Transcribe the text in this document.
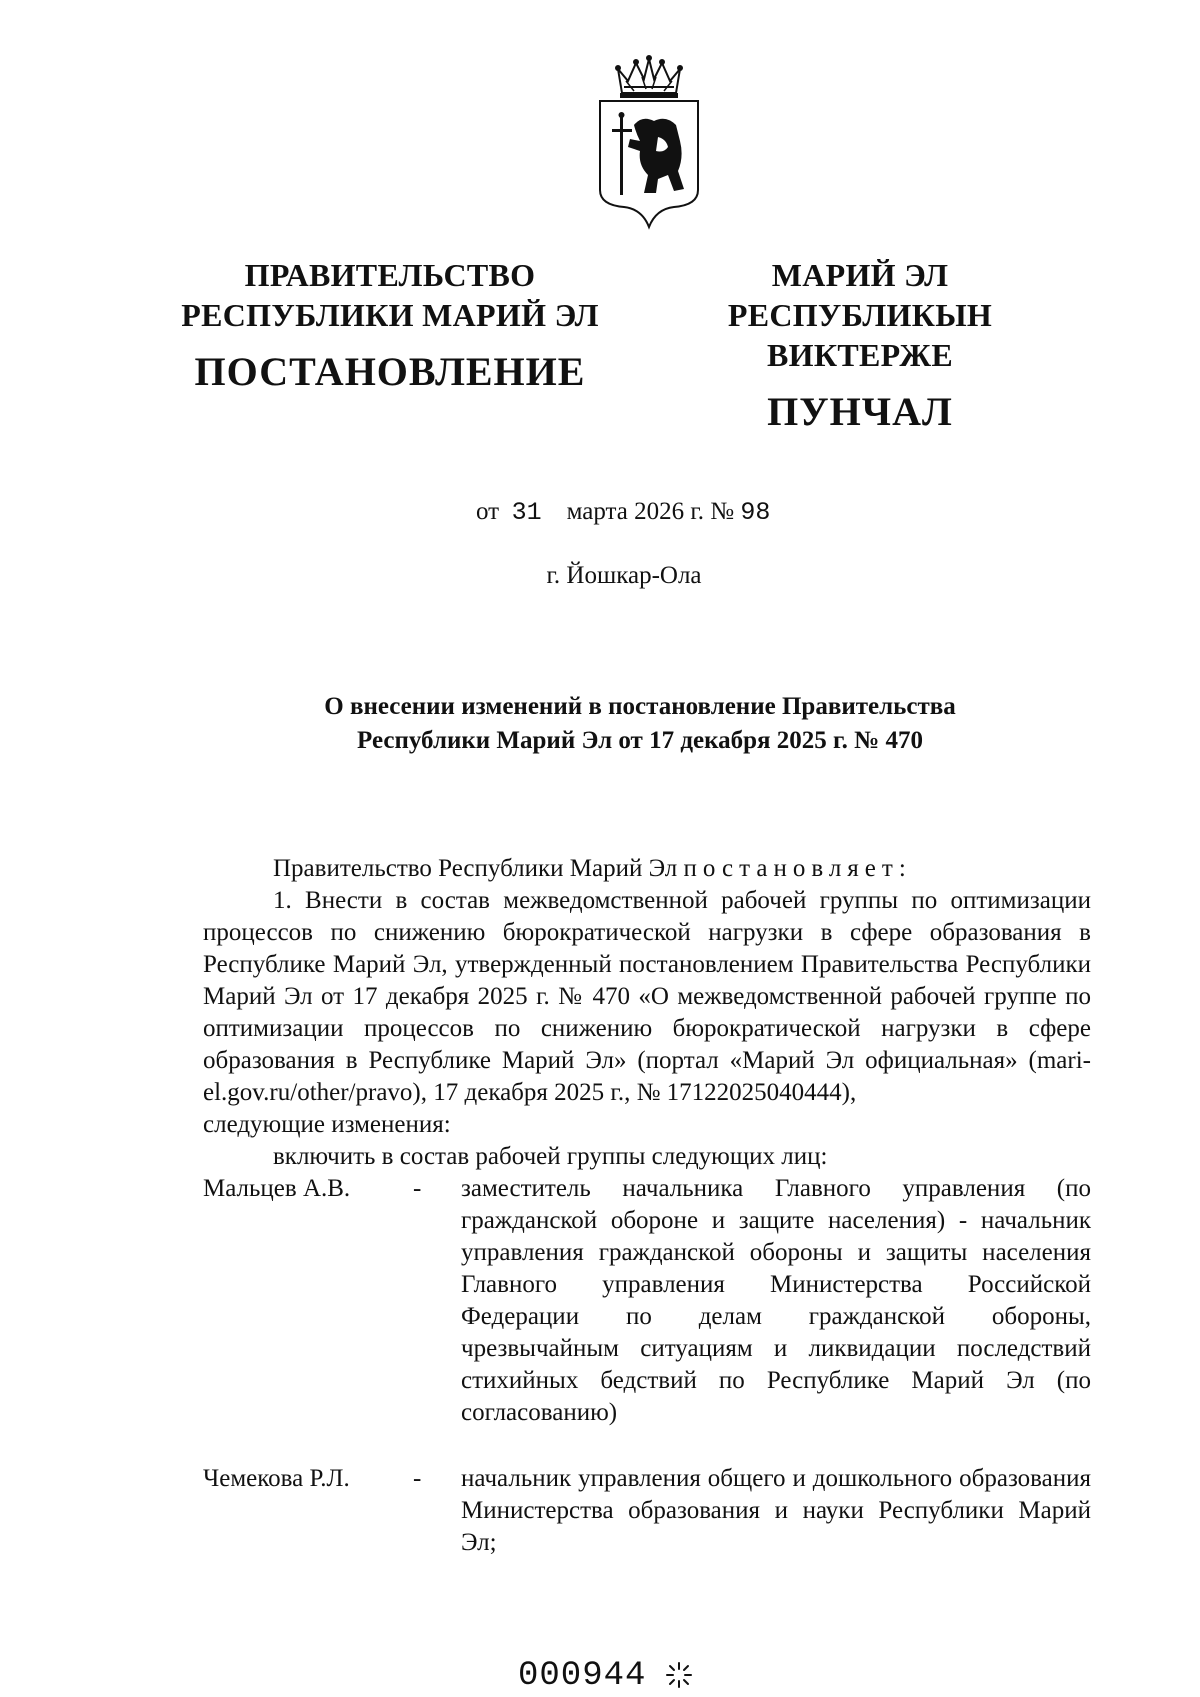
ПРАВИТЕЛЬСТВО
РЕСПУБЛИКИ МАРИЙ ЭЛ
ПОСТАНОВЛЕНИЕ
МАРИЙ ЭЛ РЕСПУБЛИКЫН
ВИКТЕРЖЕ
ПУНЧАЛ
от 31 марта 2026 г. № 98
г. Йошкар-Ола
О внесении изменений в постановление Правительства
Республики Марий Эл от 17 декабря 2025 г. № 470

Правительство Республики Марий Эл постановляет:

1. Внести в состав межведомственной рабочей группы по оптимизации процессов по снижению бюрократической нагрузки в сфере образования в Республике Марий Эл, утвержденный постановлением Правительства Республики Марий Эл от 17 декабря 2025 г. № 470 «О межведомственной рабочей группе по оптимизации процессов по снижению бюрократической нагрузки в сфере образования в Республике Марий Эл» (портал «Марий Эл официальная» (mari-el.gov.ru/other/pravo), 17 декабря 2025 г., № 17122025040444),

следующие изменения:

включить в состав рабочей группы следующих лиц:

Мальцев А.В.	-	заместитель начальника Главного управления (по гражданской обороне и защите населения) - начальник управления гражданской обороны и защиты населения Главного управления Министерства Российской Федерации по делам гражданской обороны, чрезвычайным ситуациям и ликвидации последствий стихийных бедствий по Республике Марий Эл (по согласованию)
Чемекова Р.Л.	-	начальник управления общего и дошкольного образования Министерства образования и науки Республики Марий Эл;
000944
